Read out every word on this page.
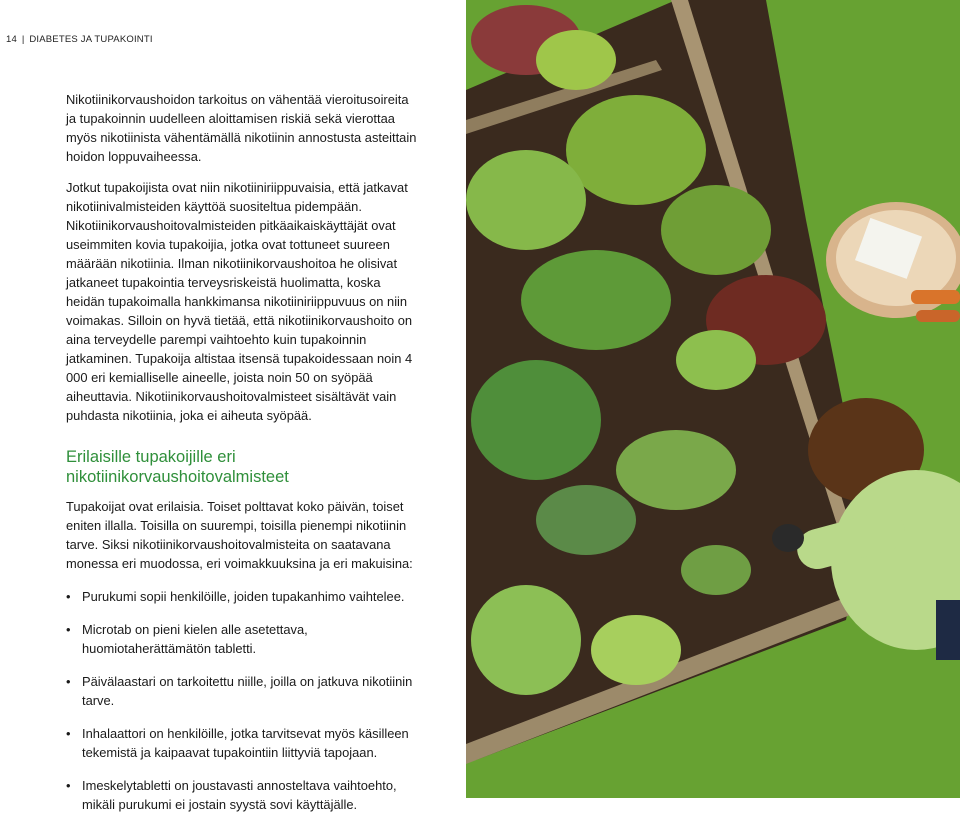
14 | DIABETES JA TUPAKOINTI

Nikotiinikorvaushoidon tarkoitus on vähentää vieroitusoireita ja tupakoinnin uudelleen aloittamisen riskiä sekä vierottaa myös nikotiinista vähentämällä nikotiinin annostusta asteittain hoidon loppuvaiheessa.

Jotkut tupakoijista ovat niin nikotiiniriippuvaisia, että jatkavat nikotiinivalmisteiden käyttöä suositeltua pidempään. Nikotiinikorvaushoitovalmisteiden pitkäaikaiskäyttäjät ovat useimmiten kovia tupakoijia, jotka ovat tottuneet suureen määrään nikotiinia. Ilman nikotiinikorvaushoitoa he olisivat jatkaneet tupakointia terveysriskeistä huolimatta, koska heidän tupakoimalla hankkimansa nikotiiniriippuvuus on niin voimakas. Silloin on hyvä tietää, että nikotiinikorvaushoito on aina terveydelle parempi vaihtoehto kuin tupakoinnin jatkaminen. Tupakoija altistaa itsensä tupakoidessaan noin 4 000 eri kemialliselle aineelle, joista noin 50 on syöpää aiheuttavia. Nikotiinikorvaushoitovalmisteet sisältävät vain puhdasta nikotiinia, joka ei aiheuta syöpää.

Erilaisille tupakoijille eri nikotiinikorvaushoitovalmisteet

Tupakoijat ovat erilaisia. Toiset polttavat koko päivän, toiset eniten illalla. Toisilla on suurempi, toisilla pienempi nikotiinin tarve. Siksi nikotiinikorvaushoitovalmisteita on saatavana monessa eri muodossa, eri voimakkuuksina ja eri makuisina:

• Purukumi sopii henkilöille, joiden tupakanhimo vaihtelee.
• Microtab on pieni kielen alle asetettava, huomiotaherättämätön tabletti.
• Päivälaastari on tarkoitettu niille, joilla on jatkuva nikotiinin tarve.
• Inhalaattori on henkilöille, jotka tarvitsevat myös käsilleen tekemistä ja kaipaavat tupakointiin liittyviä tapojaan.
• Imeskelytabletti on joustavasti annosteltava vaihtoehto, mikäli purukumi ei jostain syystä sovi käyttäjälle.
